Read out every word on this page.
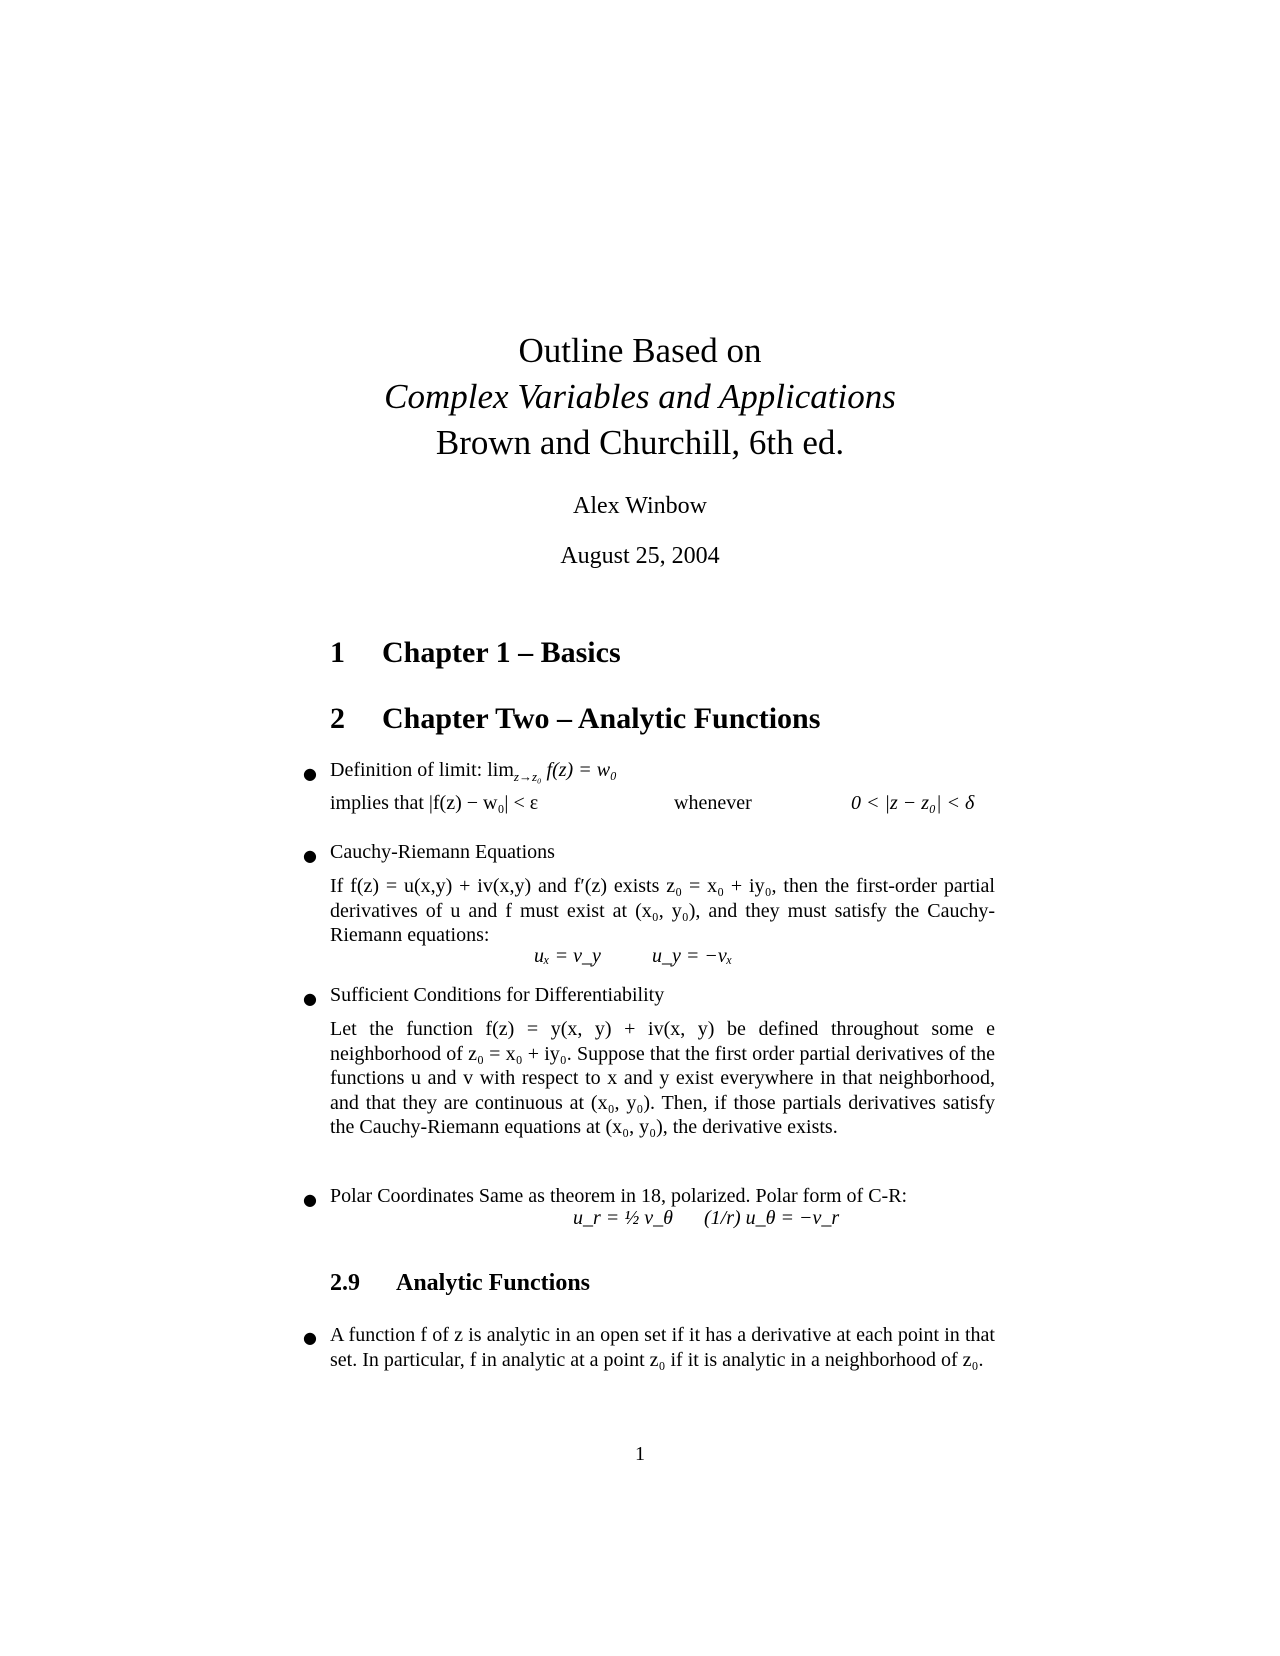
Outline Based on
Complex Variables and Applications
Brown and Churchill, 6th ed.
Alex Winbow
August 25, 2004
1 Chapter 1 – Basics
2 Chapter Two – Analytic Functions
● Definition of limit: $\lim_{z\to z_0} f(z) = w_0$
implies that |f(z) − w₀| < ε	whenever	0 < |z − z₀| < δ
● Cauchy-Riemann Equations
If f(z) = u(x,y) + iv(x,y) and f′(z) exists z₀ = x₀ + iy₀, then the first-order partial derivatives of u and f must exist at (x₀, y₀), and they must satisfy the Cauchy-Riemann equations:
uₓ = v_y	u_y = −vₓ
● Sufficient Conditions for Differentiability
Let the function f(z) = y(x, y) + iv(x, y) be defined throughout some e neighborhood of z₀ = x₀ + iy₀. Suppose that the first order partial derivatives of the functions u and v with respect to x and y exist everywhere in that neighborhood, and that they are continuous at (x₀, y₀). Then, if those partials derivatives satisfy the Cauchy-Riemann equations at (x₀, y₀), the derivative exists.
● Polar Coordinates Same as theorem in 18, polarized. Polar form of C-R:
u_r = ½ v_θ (1/r) u_θ = −v_r
2.9 Analytic Functions
● A function f of z is analytic in an open set if it has a derivative at each point in that set. In particular, f in analytic at a point z₀ if it is analytic in a neighborhood of z₀.
1
